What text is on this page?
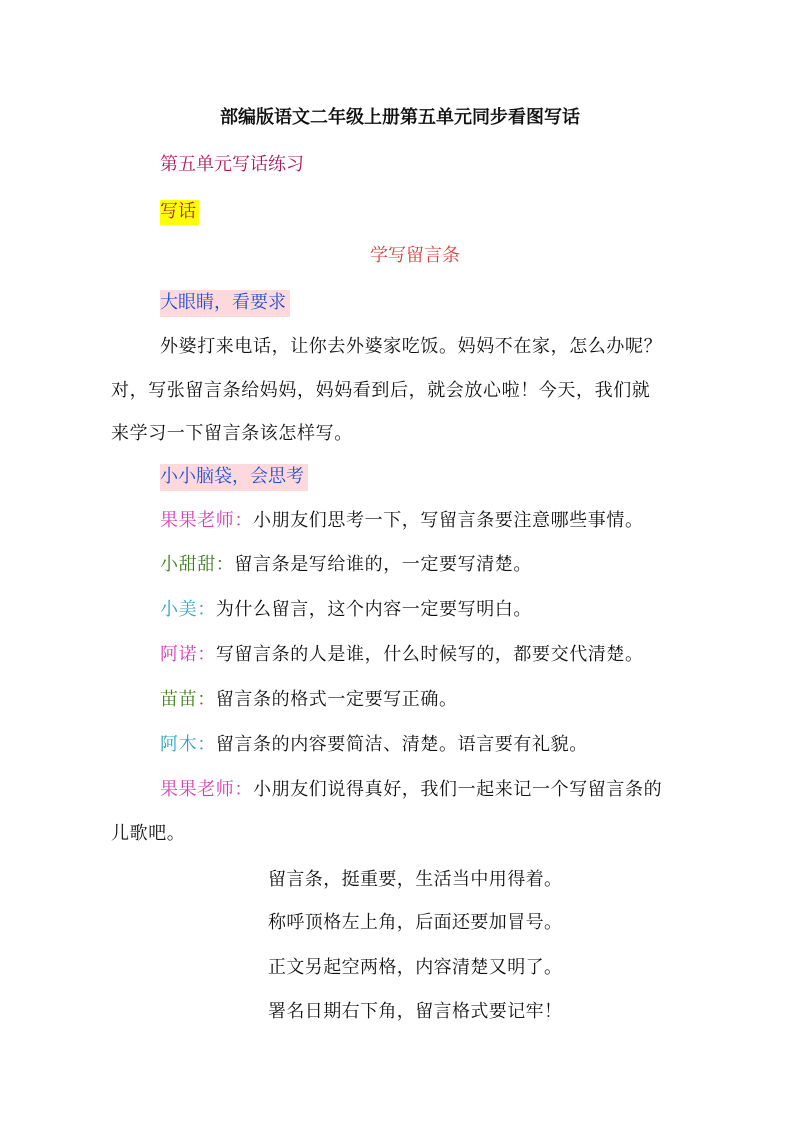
部编版语文二年级上册第五单元同步看图写话
第五单元写话练习
写话
学写留言条
大眼睛，看要求
外婆打来电话，让你去外婆家吃饭。妈妈不在家，怎么办呢？
对，写张留言条给妈妈，妈妈看到后，就会放心啦！今天，我们就
来学习一下留言条该怎样写。
小小脑袋，会思考
果果老师：小朋友们思考一下，写留言条要注意哪些事情。
小甜甜：留言条是写给谁的，一定要写清楚。
小美：为什么留言，这个内容一定要写明白。
阿诺：写留言条的人是谁，什么时候写的，都要交代清楚。
苗苗：留言条的格式一定要写正确。
阿木：留言条的内容要简洁、清楚。语言要有礼貌。
果果老师：小朋友们说得真好，我们一起来记一个写留言条的
儿歌吧。
留言条，挺重要，生活当中用得着。
称呼顶格左上角，后面还要加冒号。
正文另起空两格，内容清楚又明了。
署名日期右下角，留言格式要记牢！
